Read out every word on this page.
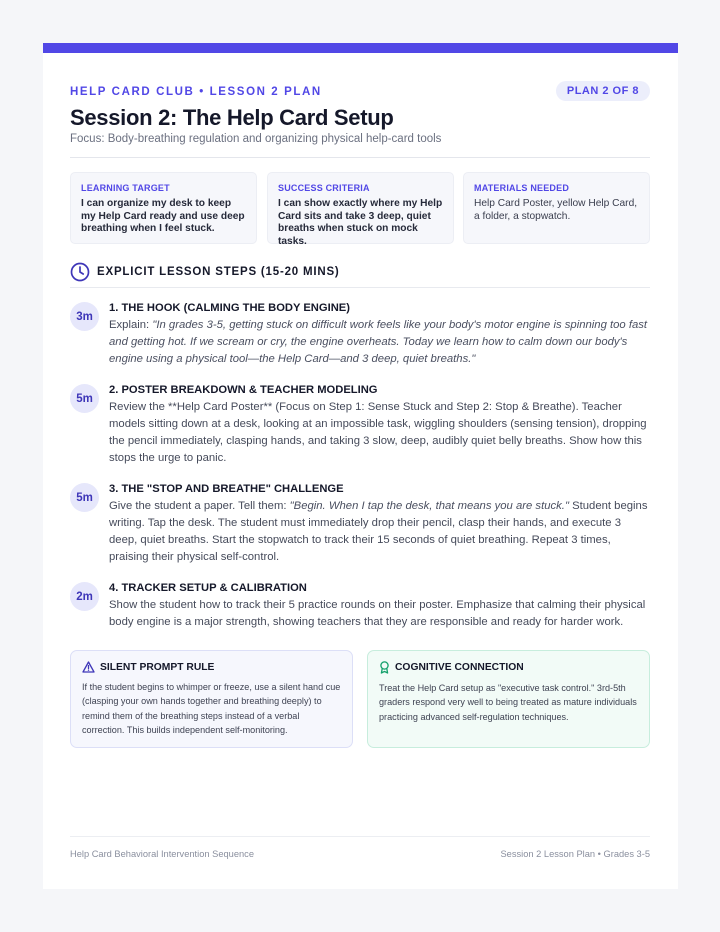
HELP CARD CLUB • LESSON 2 PLAN	PLAN 2 OF 8
Session 2: The Help Card Setup
Focus: Body-breathing regulation and organizing physical help-card tools
LEARNING TARGET
I can organize my desk to keep my Help Card ready and use deep breathing when I feel stuck.
SUCCESS CRITERIA
I can show exactly where my Help Card sits and take 3 deep, quiet breaths when stuck on mock tasks.
MATERIALS NEEDED
Help Card Poster, yellow Help Card, a folder, a stopwatch.
EXPLICIT LESSON STEPS (15-20 MINS)
3m
1. THE HOOK (CALMING THE BODY ENGINE)
Explain: "In grades 3-5, getting stuck on difficult work feels like your body's motor engine is spinning too fast and getting hot. If we scream or cry, the engine overheats. Today we learn how to calm down our body's engine using a physical tool—the Help Card—and 3 deep, quiet breaths."
5m
2. POSTER BREAKDOWN & TEACHER MODELING
Review the **Help Card Poster** (Focus on Step 1: Sense Stuck and Step 2: Stop & Breathe). Teacher models sitting down at a desk, looking at an impossible task, wiggling shoulders (sensing tension), dropping the pencil immediately, clasping hands, and taking 3 slow, deep, audibly quiet belly breaths. Show how this stops the urge to panic.
5m
3. THE "STOP AND BREATHE" CHALLENGE
Give the student a paper. Tell them: "Begin. When I tap the desk, that means you are stuck." Student begins writing. Tap the desk. The student must immediately drop their pencil, clasp their hands, and execute 3 deep, quiet breaths. Start the stopwatch to track their 15 seconds of quiet breathing. Repeat 3 times, praising their physical self-control.
2m
4. TRACKER SETUP & CALIBRATION
Show the student how to track their 5 practice rounds on their poster. Emphasize that calming their physical body engine is a major strength, showing teachers that they are responsible and ready for harder work.
SILENT PROMPT RULE
If the student begins to whimper or freeze, use a silent hand cue (clasping your own hands together and breathing deeply) to remind them of the breathing steps instead of a verbal correction. This builds independent self-monitoring.
COGNITIVE CONNECTION
Treat the Help Card setup as "executive task control." 3rd-5th graders respond very well to being treated as mature individuals practicing advanced self-regulation techniques.
Help Card Behavioral Intervention Sequence	Session 2 Lesson Plan • Grades 3-5
